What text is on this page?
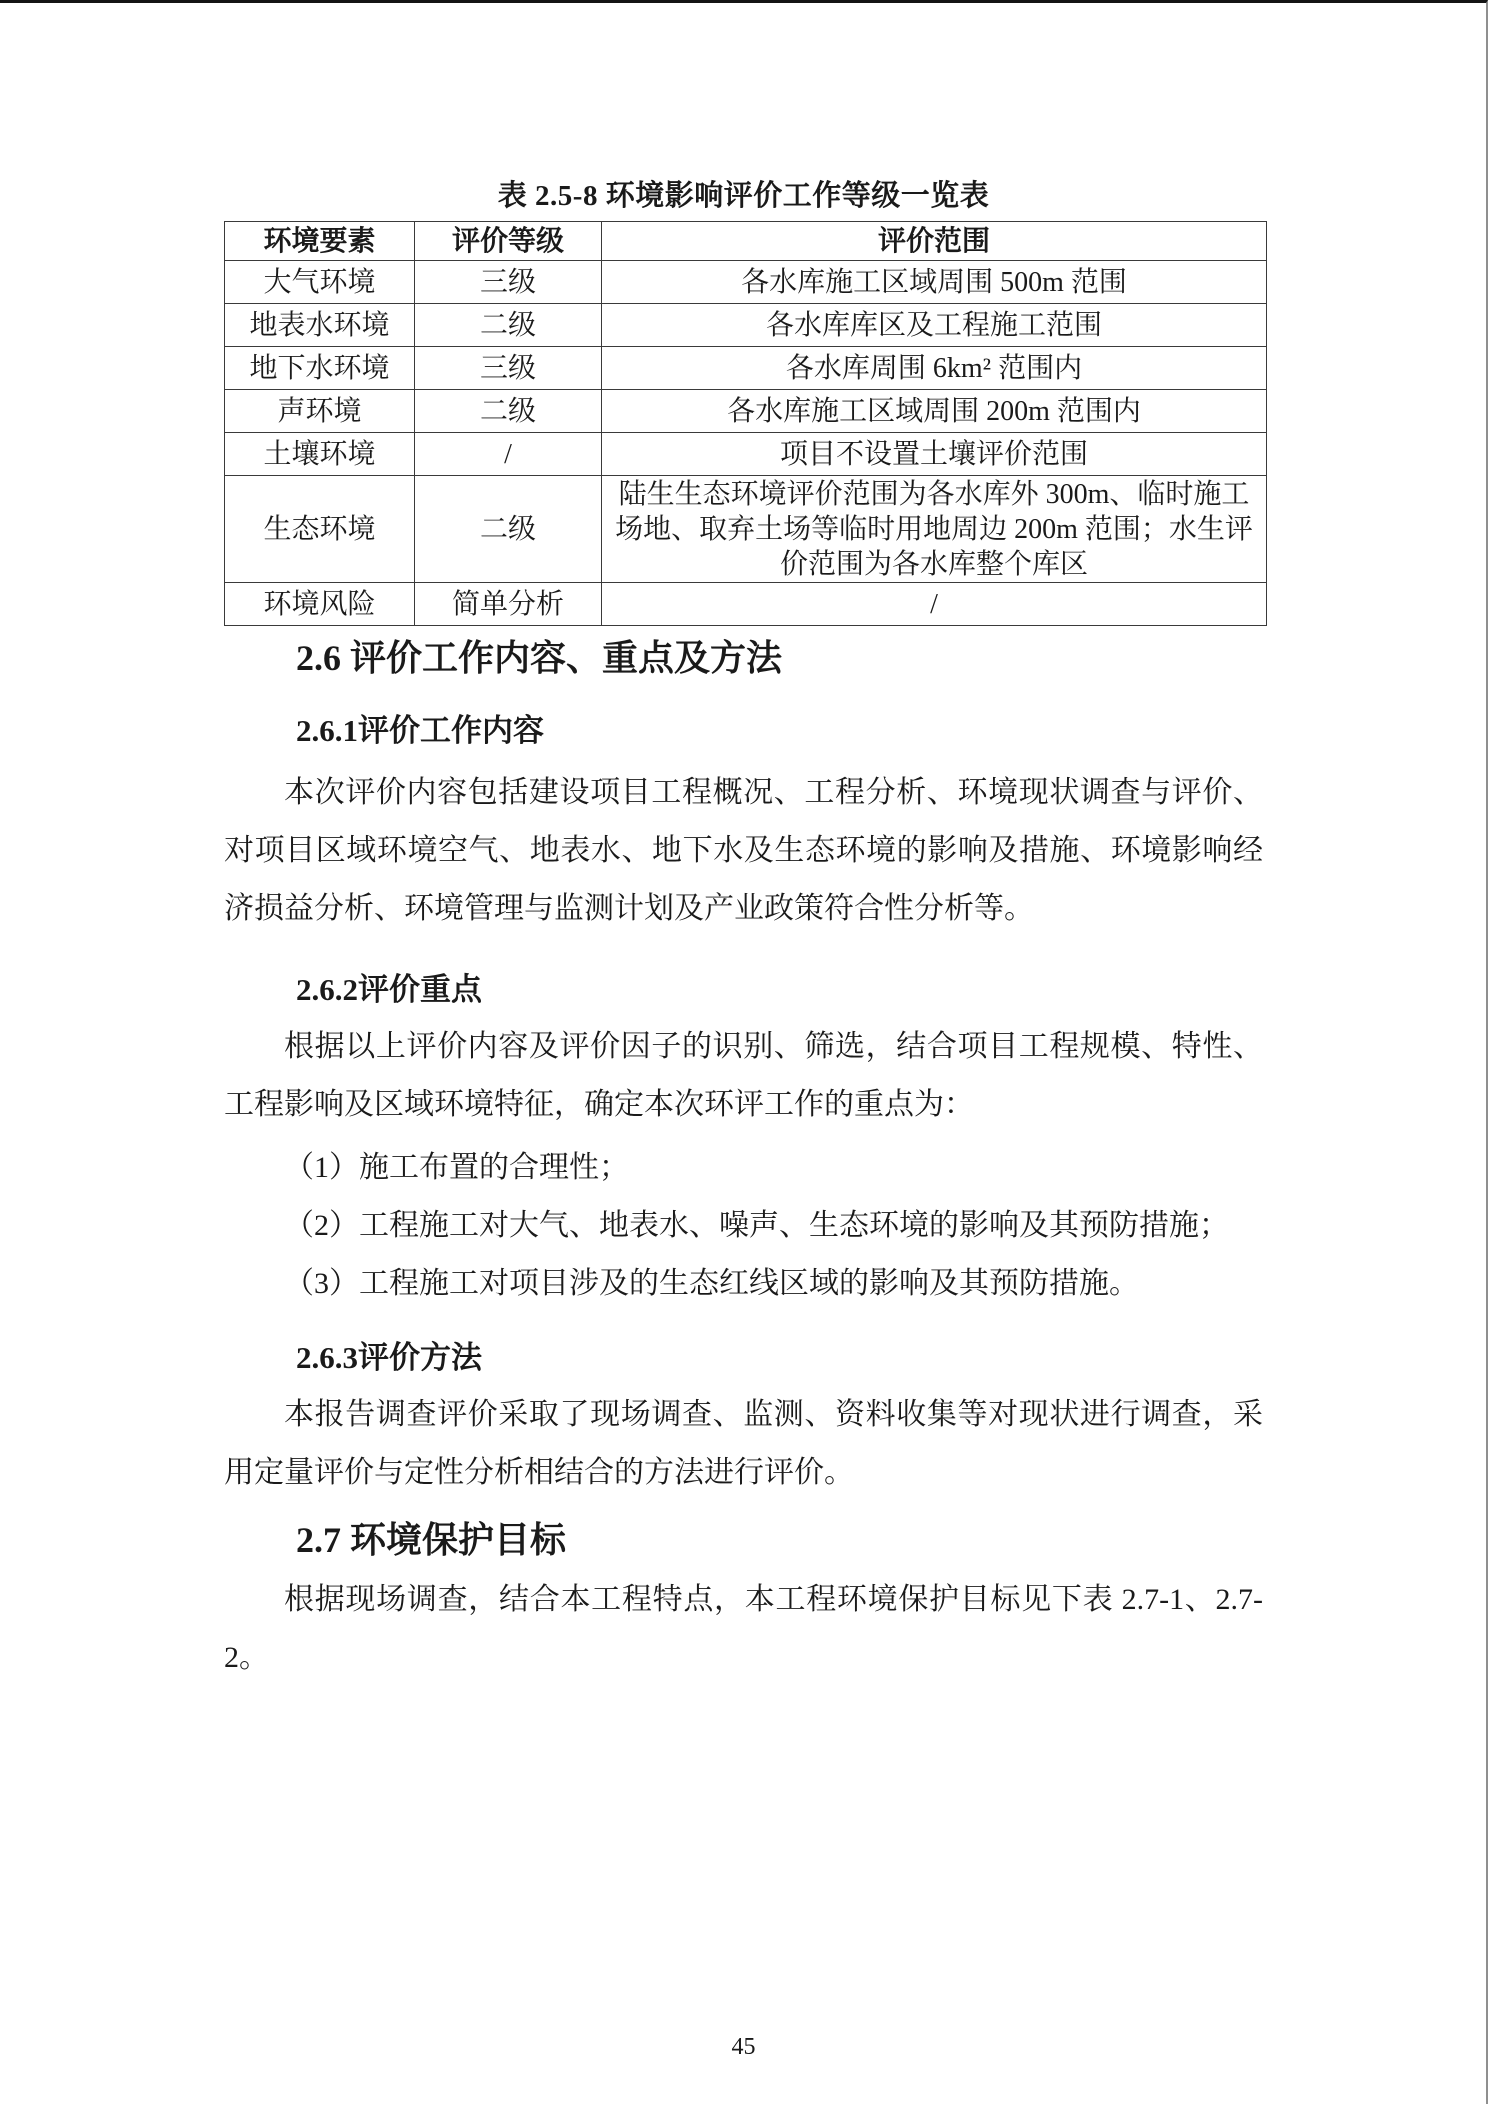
表 2.5-8 环境影响评价工作等级一览表
环境要素	评价等级	评价范围
大气环境	三级	各水库施工区域周围 500m 范围
地表水环境	二级	各水库库区及工程施工范围
地下水环境	三级	各水库周围 6km² 范围内
声环境	二级	各水库施工区域周围 200m 范围内
土壤环境	/	项目不设置土壤评价范围
生态环境	二级	陆生生态环境评价范围为各水库外 300m、临时施工场地、取弃土场等临时用地周边 200m 范围；水生评价范围为各水库整个库区
环境风险	简单分析	/
2.6 评价工作内容、重点及方法
2.6.1评价工作内容

本次评价内容包括建设项目工程概况、工程分析、环境现状调查与评价、对项目区域环境空气、地表水、地下水及生态环境的影响及措施、环境影响经济损益分析、环境管理与监测计划及产业政策符合性分析等。

2.6.2评价重点

根据以上评价内容及评价因子的识别、筛选，结合项目工程规模、特性、工程影响及区域环境特征，确定本次环评工作的重点为：

（1）施工布置的合理性；

（2）工程施工对大气、地表水、噪声、生态环境的影响及其预防措施；

（3）工程施工对项目涉及的生态红线区域的影响及其预防措施。

2.6.3评价方法

本报告调查评价采取了现场调查、监测、资料收集等对现状进行调查，采用定量评价与定性分析相结合的方法进行评价。

2.7 环境保护目标

根据现场调查，结合本工程特点，本工程环境保护目标见下表 2.7-1、2.7-2。

45
